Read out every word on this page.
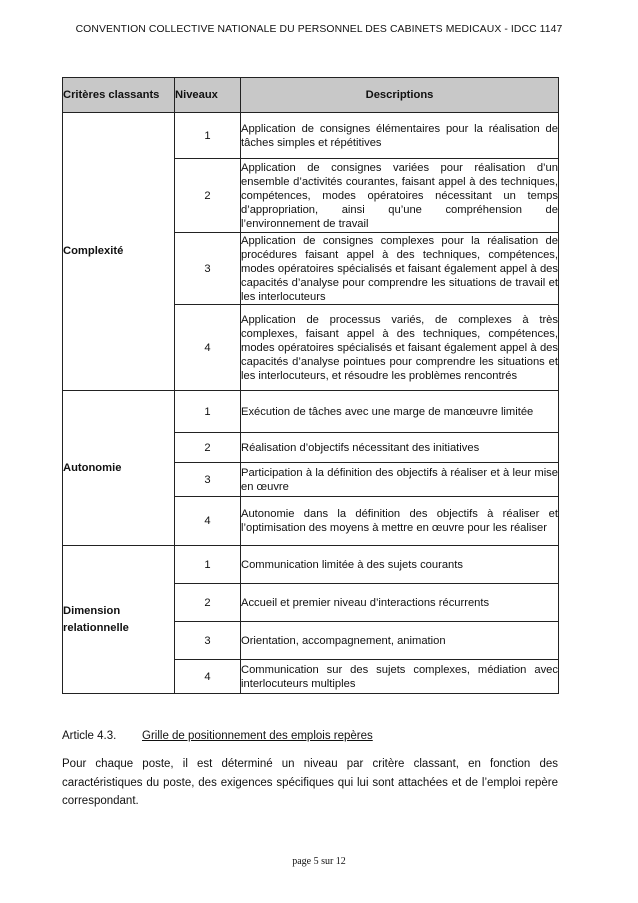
CONVENTION COLLECTIVE NATIONALE DU PERSONNEL DES CABINETS MEDICAUX - IDCC 1147
Critères classants	Niveaux	Descriptions
Complexité	1	Application de consignes élémentaires pour la réalisation de tâches simples et répétitives
	2	Application de consignes variées pour réalisation d’un ensemble d’activités courantes, faisant appel à des techniques, compétences, modes opératoires nécessitant un temps d’appropriation, ainsi qu’une compréhension de l’environnement de travail
	3	Application de consignes complexes pour la réalisation de procédures faisant appel à des techniques, compétences, modes opératoires spécialisés et faisant également appel à des capacités d’analyse pour comprendre les situations de travail et les interlocuteurs
	4	Application de processus variés, de complexes à très complexes, faisant appel à des techniques, compétences, modes opératoires spécialisés et faisant également appel à des capacités d’analyse pointues pour comprendre les situations et les interlocuteurs, et résoudre les problèmes rencontrés
Autonomie	1	Exécution de tâches avec une marge de manœuvre limitée
	2	Réalisation d’objectifs nécessitant des initiatives
	3	Participation à la définition des objectifs à réaliser et à leur mise en œuvre
	4	Autonomie dans la définition des objectifs à réaliser et l’optimisation des moyens à mettre en œuvre pour les réaliser
Dimension relationnelle	1	Communication limitée à des sujets courants
	2	Accueil et premier niveau d’interactions récurrents
	3	Orientation, accompagnement, animation
	4	Communication sur des sujets complexes, médiation avec interlocuteurs multiples
Article 4.3. Grille de positionnement des emplois repères
Pour chaque poste, il est déterminé un niveau par critère classant, en fonction des caractéristiques du poste, des exigences spécifiques qui lui sont attachées et de l’emploi repère correspondant.
page 5 sur 12
